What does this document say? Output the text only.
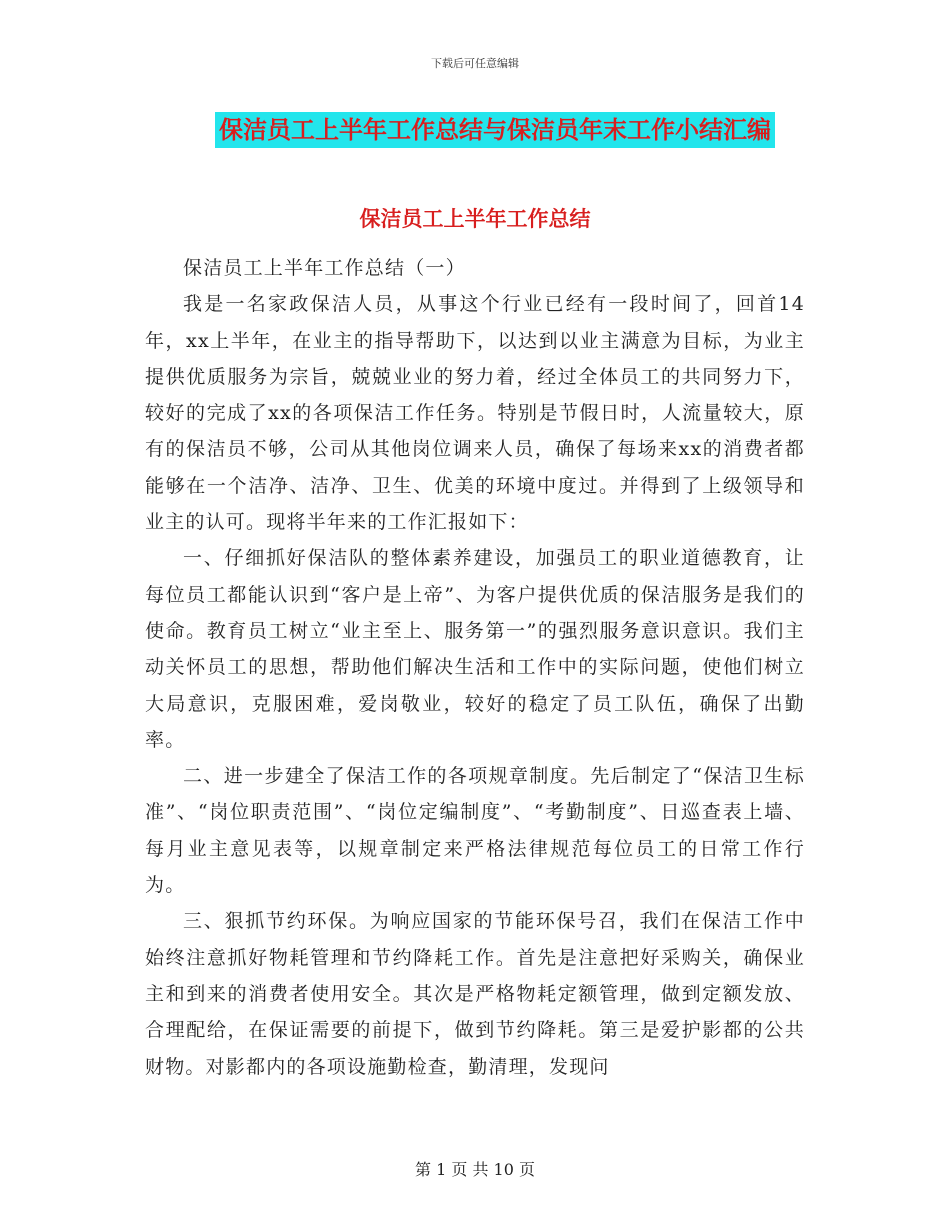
下载后可任意编辑
保洁员工上半年工作总结与保洁员年末工作小结汇编
保洁员工上半年工作总结

保洁员工上半年工作总结（一）

我是一名家政保洁人员，从事这个行业已经有一段时间了，回首14年，xx上半年，在业主的指导帮助下，以达到以业主满意为目标，为业主提供优质服务为宗旨，兢兢业业的努力着，经过全体员工的共同努力下，较好的完成了xx的各项保洁工作任务。特别是节假日时，人流量较大，原有的保洁员不够，公司从其他岗位调来人员，确保了每场来xx的消费者都能够在一个洁净、洁净、卫生、优美的环境中度过。并得到了上级领导和业主的认可。现将半年来的工作汇报如下：

一、仔细抓好保洁队的整体素养建设，加强员工的职业道德教育，让每位员工都能认识到“客户是上帝”、为客户提供优质的保洁服务是我们的使命。教育员工树立“业主至上、服务第一”的强烈服务意识意识。我们主动关怀员工的思想，帮助他们解决生活和工作中的实际问题，使他们树立大局意识，克服困难，爱岗敬业，较好的稳定了员工队伍，确保了出勤率。

二、进一步建全了保洁工作的各项规章制度。先后制定了“保洁卫生标准”、“岗位职责范围”、“岗位定编制度”、“考勤制度”、日巡查表上墙、每月业主意见表等，以规章制定来严格法律规范每位员工的日常工作行为。

三、狠抓节约环保。为响应国家的节能环保号召，我们在保洁工作中始终注意抓好物耗管理和节约降耗工作。首先是注意把好采购关，确保业主和到来的消费者使用安全。其次是严格物耗定额管理，做到定额发放、合理配给，在保证需要的前提下，做到节约降耗。第三是爱护影都的公共财物。对影都内的各项设施勤检查，勤清理，发现问

第 1 页 共 10 页
